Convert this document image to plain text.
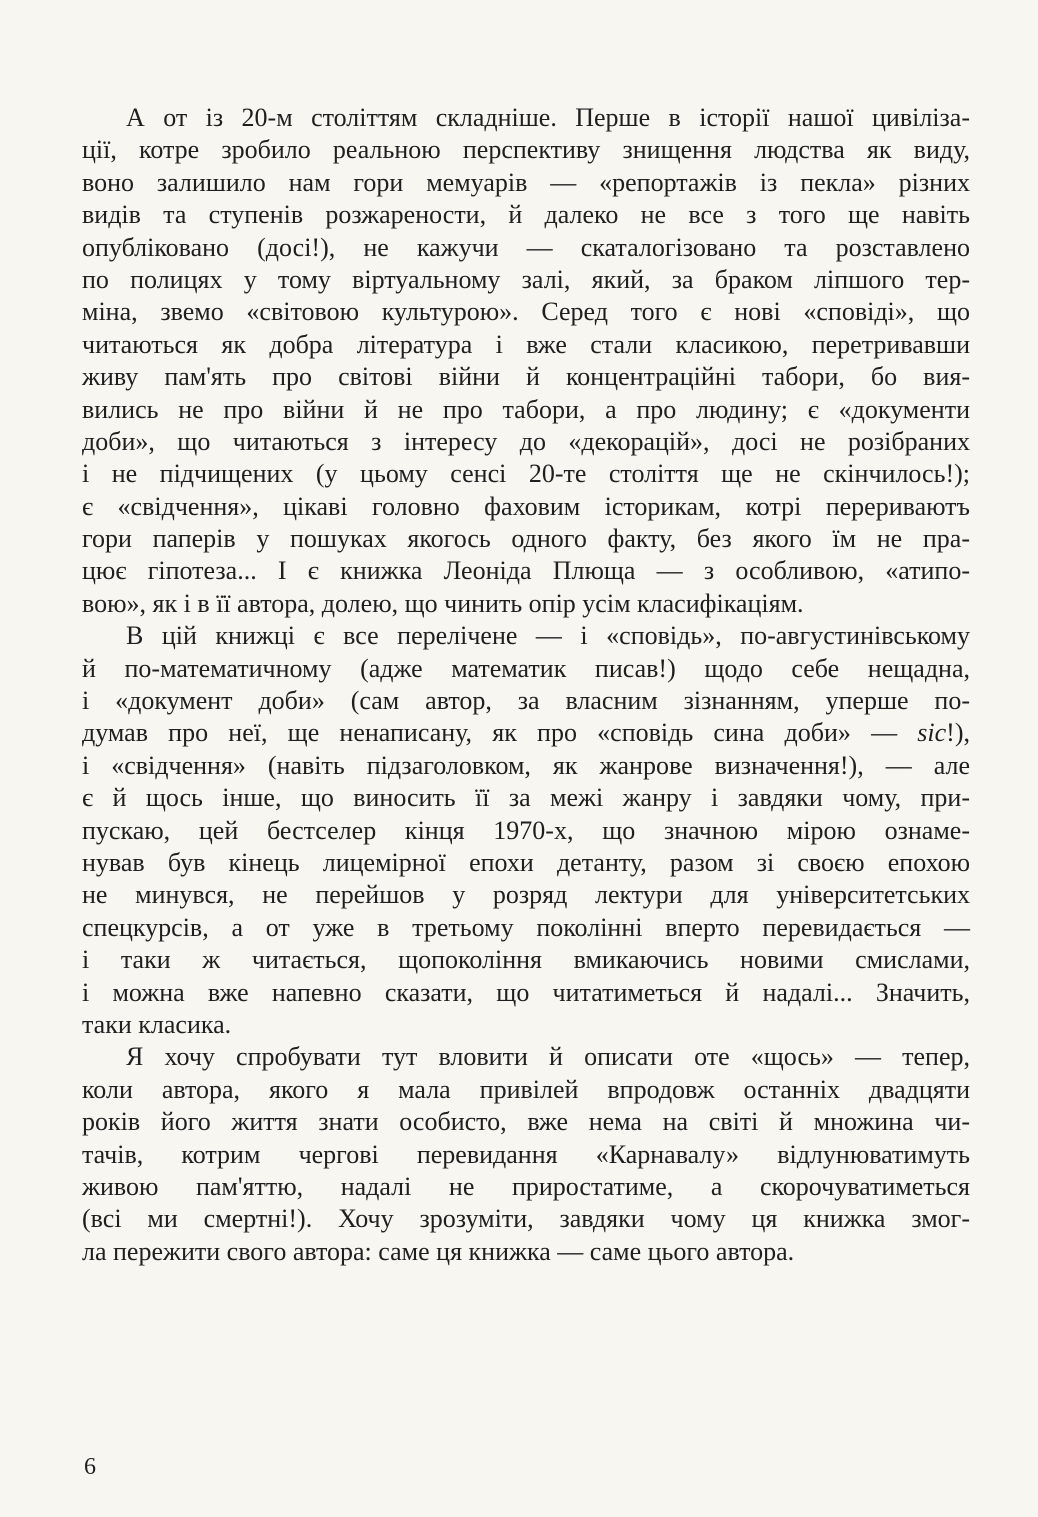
А от із 20-м століттям складніше. Перше в історії нашої цивіліза-
ції, котре зробило реальною перспективу знищення людства як виду,
воно залишило нам гори мемуарів — «репортажів із пекла» різних
видів та ступенів розжарености, й далеко не все з того ще навіть
опубліковано (досі!), не кажучи — скаталогізовано та розставлено
по полицях у тому віртуальному залі, який, за браком ліпшого тер-
міна, звемо «світовою культурою». Серед того є нові «сповіді», що
читаються як добра література і вже стали класикою, перетривавши
живу пам'ять про світові війни й концентраційні табори, бо вия-
вились не про війни й не про табори, а про людину; є «документи
доби», що читаються з інтересу до «декорацій», досі не розібраних
і не підчищених (у цьому сенсі 20-те століття ще не скінчилось!);
є «свідчення», цікаві головно фаховим історикам, котрі перериваютъ
гори паперів у пошуках якогось одного факту, без якого їм не пра-
цює гіпотеза... І є книжка Леоніда Плюща — з особливою, «атипо-
вою», як і в її автора, долею, що чинить опір усім класифікаціям.
В цій книжці є все перелічене — і «сповідь», по-августинівському
й по-математичному (адже математик писав!) щодо себе нещадна,
і «документ доби» (сам автор, за власним зізнанням, уперше по-
думав про неї, ще ненаписану, як про «сповідь сина доби» — sic!),
і «свідчення» (навіть підзаголовком, як жанрове визначення!), — але
є й щось інше, що виносить її за межі жанру і завдяки чому, при-
пускаю, цей бестселер кінця 1970-х, що значною мірою ознаме-
нував був кінець лицемірної епохи детанту, разом зі своєю епохою
не минувся, не перейшов у розряд лектури для університетських
спецкурсів, а от уже в третьому поколінні вперто перевидається —
і таки ж читається, щопокоління вмикаючись новими смислами,
і можна вже напевно сказати, що читатиметься й надалі... Значить,
таки класика.
Я хочу спробувати тут вловити й описати оте «щось» — тепер,
коли автора, якого я мала привілей впродовж останніх двадцяти
років його життя знати особисто, вже нема на світі й множина чи-
тачів, котрим чергові перевидання «Карнавалу» відлунюватимуть
живою пам'яттю, надалі не приростатиме, а скорочуватиметься
(всі ми смертні!). Хочу зрозуміти, завдяки чому ця книжка змог-
ла пережити свого автора: саме ця книжка — саме цього автора.
6
